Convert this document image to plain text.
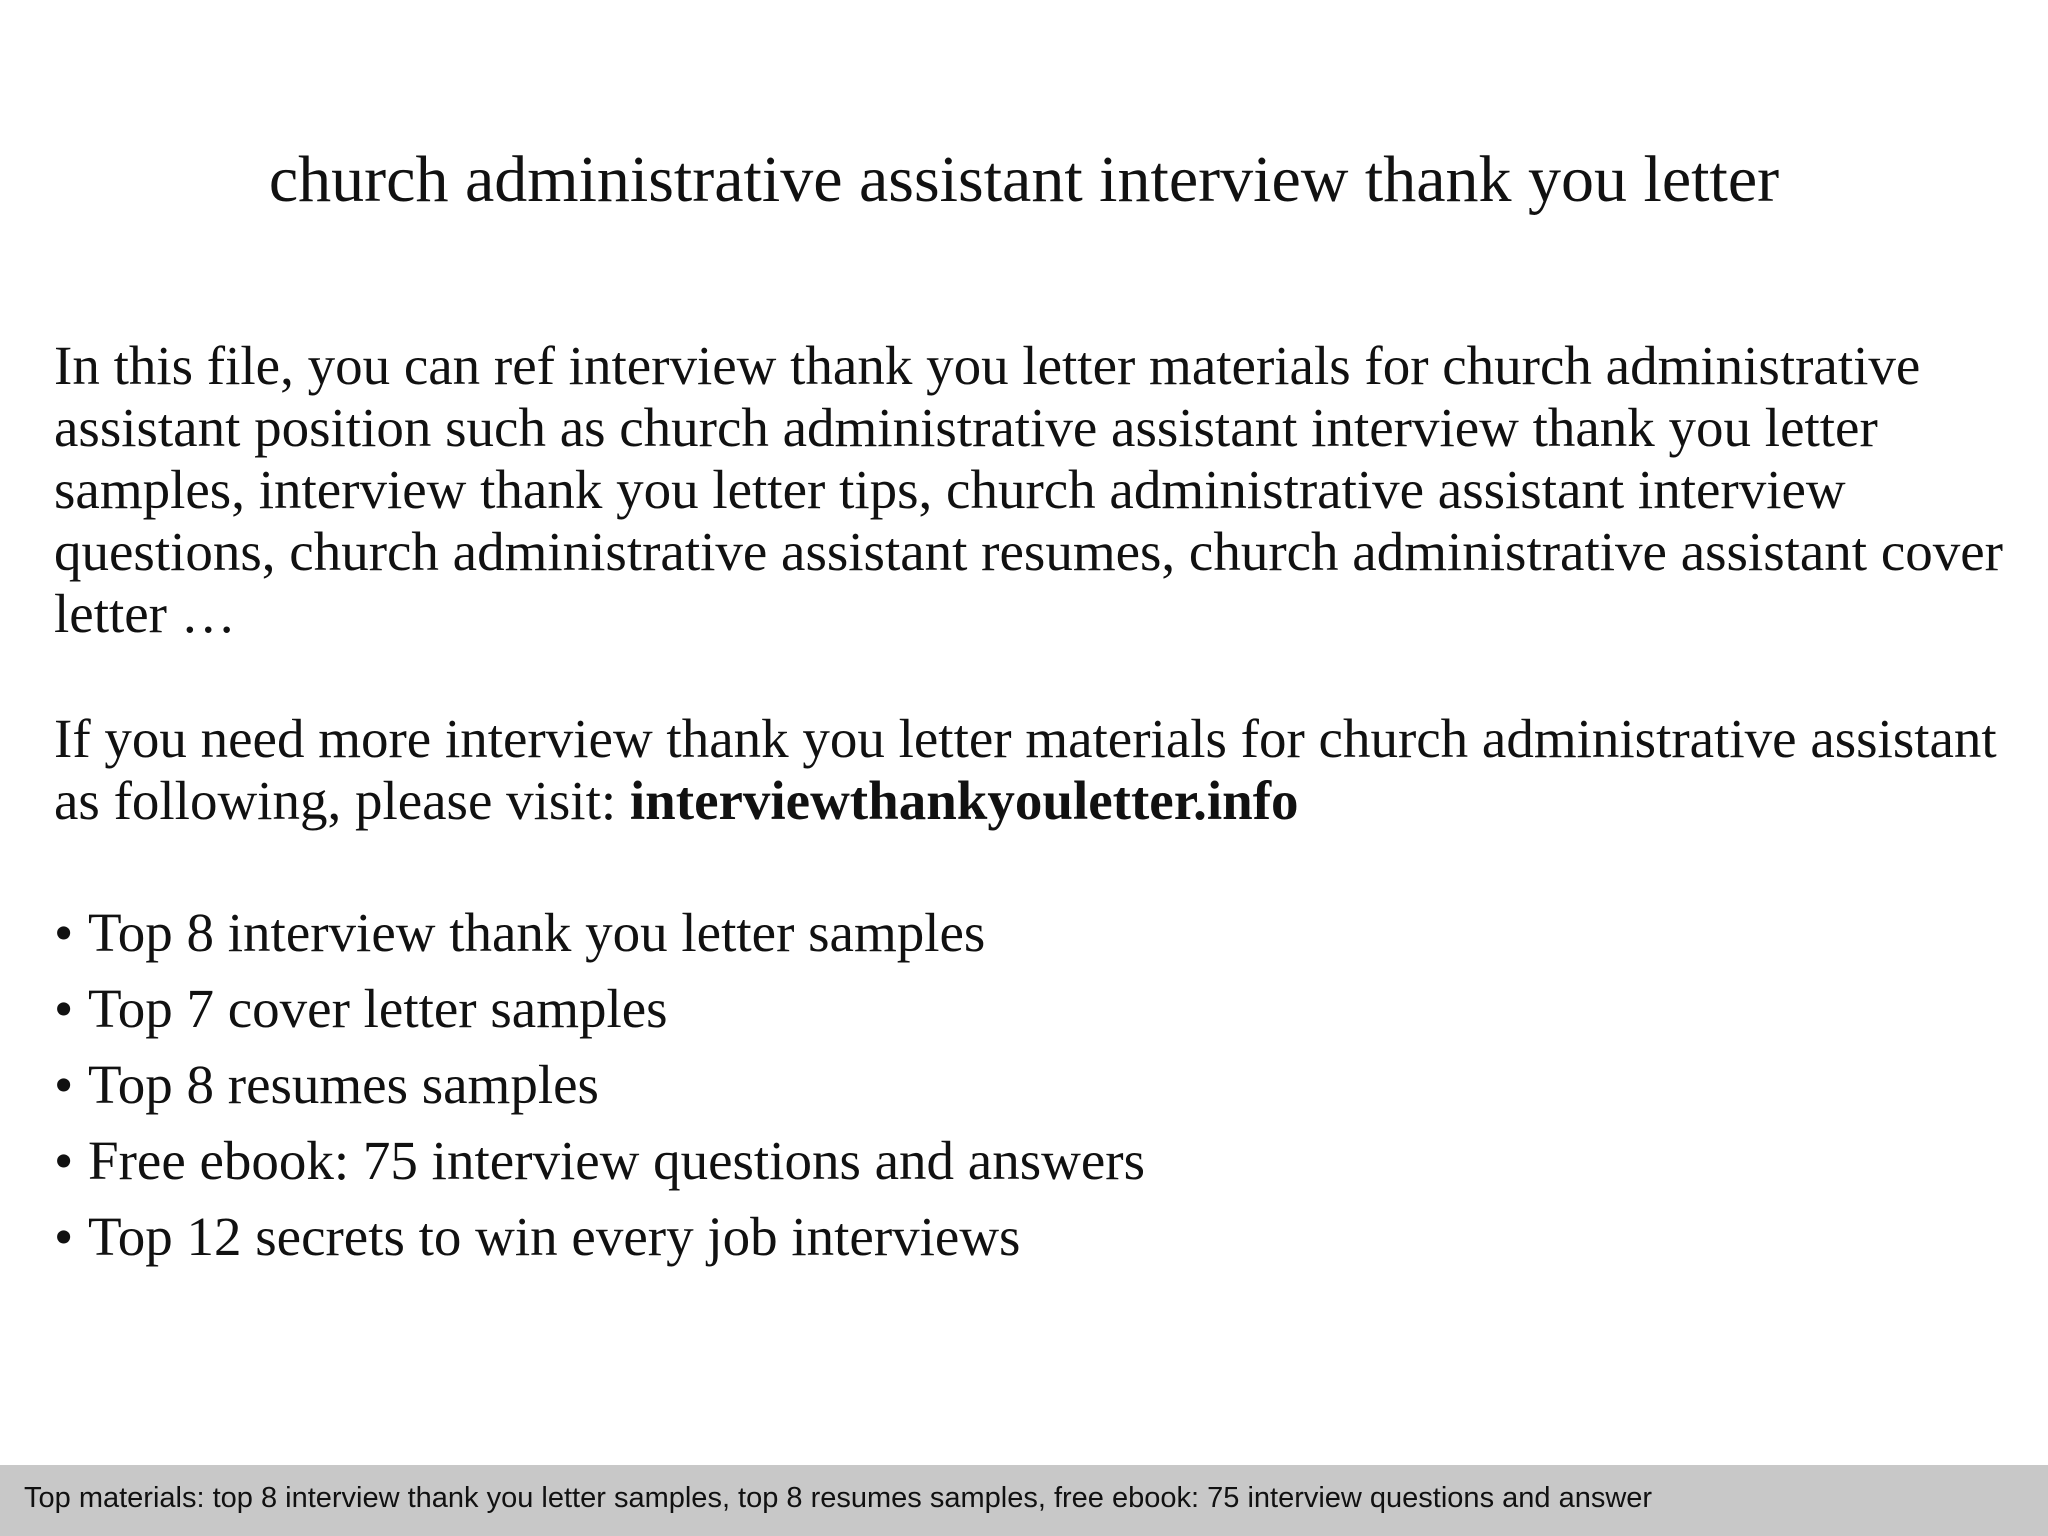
church administrative assistant interview thank you letter

In this file, you can ref interview thank you letter materials for church administrative assistant position such as church administrative assistant interview thank you letter samples, interview thank you letter tips, church administrative assistant interview questions, church administrative assistant resumes, church administrative assistant cover letter …

If you need more interview thank you letter materials for church administrative assistant as following, please visit: interviewthankyouletter.info

• Top 8 interview thank you letter samples
• Top 7 cover letter samples
• Top 8 resumes samples
• Free ebook: 75 interview questions and answers
• Top 12 secrets to win every job interviews
Top materials: top 8 interview thank you letter samples, top 8 resumes samples, free ebook: 75 interview questions and answer
